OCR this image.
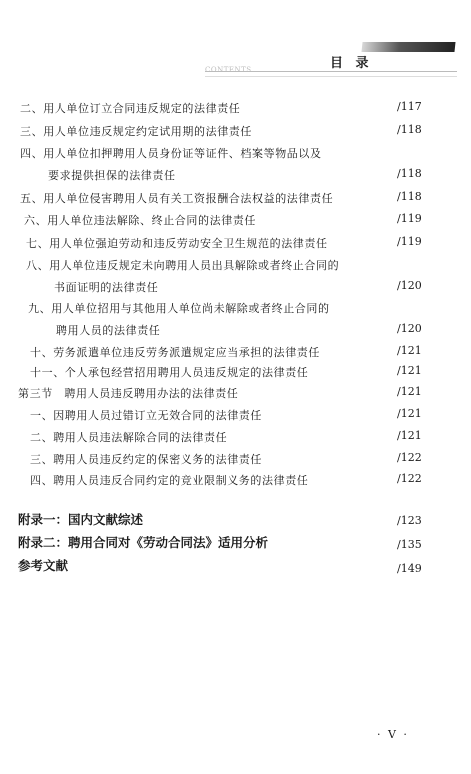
目 录
CONTENTS
二、用人单位订立合同违反规定的法律责任	/117
三、用人单位违反规定约定试用期的法律责任	/118
四、用人单位扣押聘用人员身份证等证件、档案等物品以及
要求提供担保的法律责任	/118
五、用人单位侵害聘用人员有关工资报酬合法权益的法律责任	/118
六、用人单位违法解除、终止合同的法律责任	/119
七、用人单位强迫劳动和违反劳动安全卫生规范的法律责任	/119
八、用人单位违反规定未向聘用人员出具解除或者终止合同的
书面证明的法律责任	/120
九、用人单位招用与其他用人单位尚未解除或者终止合同的
聘用人员的法律责任	/120
十、劳务派遣单位违反劳务派遣规定应当承担的法律责任	/121
十一、个人承包经营招用聘用人员违反规定的法律责任	/121
第三节　聘用人员违反聘用办法的法律责任	/121
一、因聘用人员过错订立无效合同的法律责任	/121
二、聘用人员违法解除合同的法律责任	/121
三、聘用人员违反约定的保密义务的法律责任	/122
四、聘用人员违反合同约定的竞业限制义务的法律责任	/122
附录一：国内文献综述	/123
附录二：聘用合同对《劳动合同法》适用分析	/135
参考文献	/149
· V ·
